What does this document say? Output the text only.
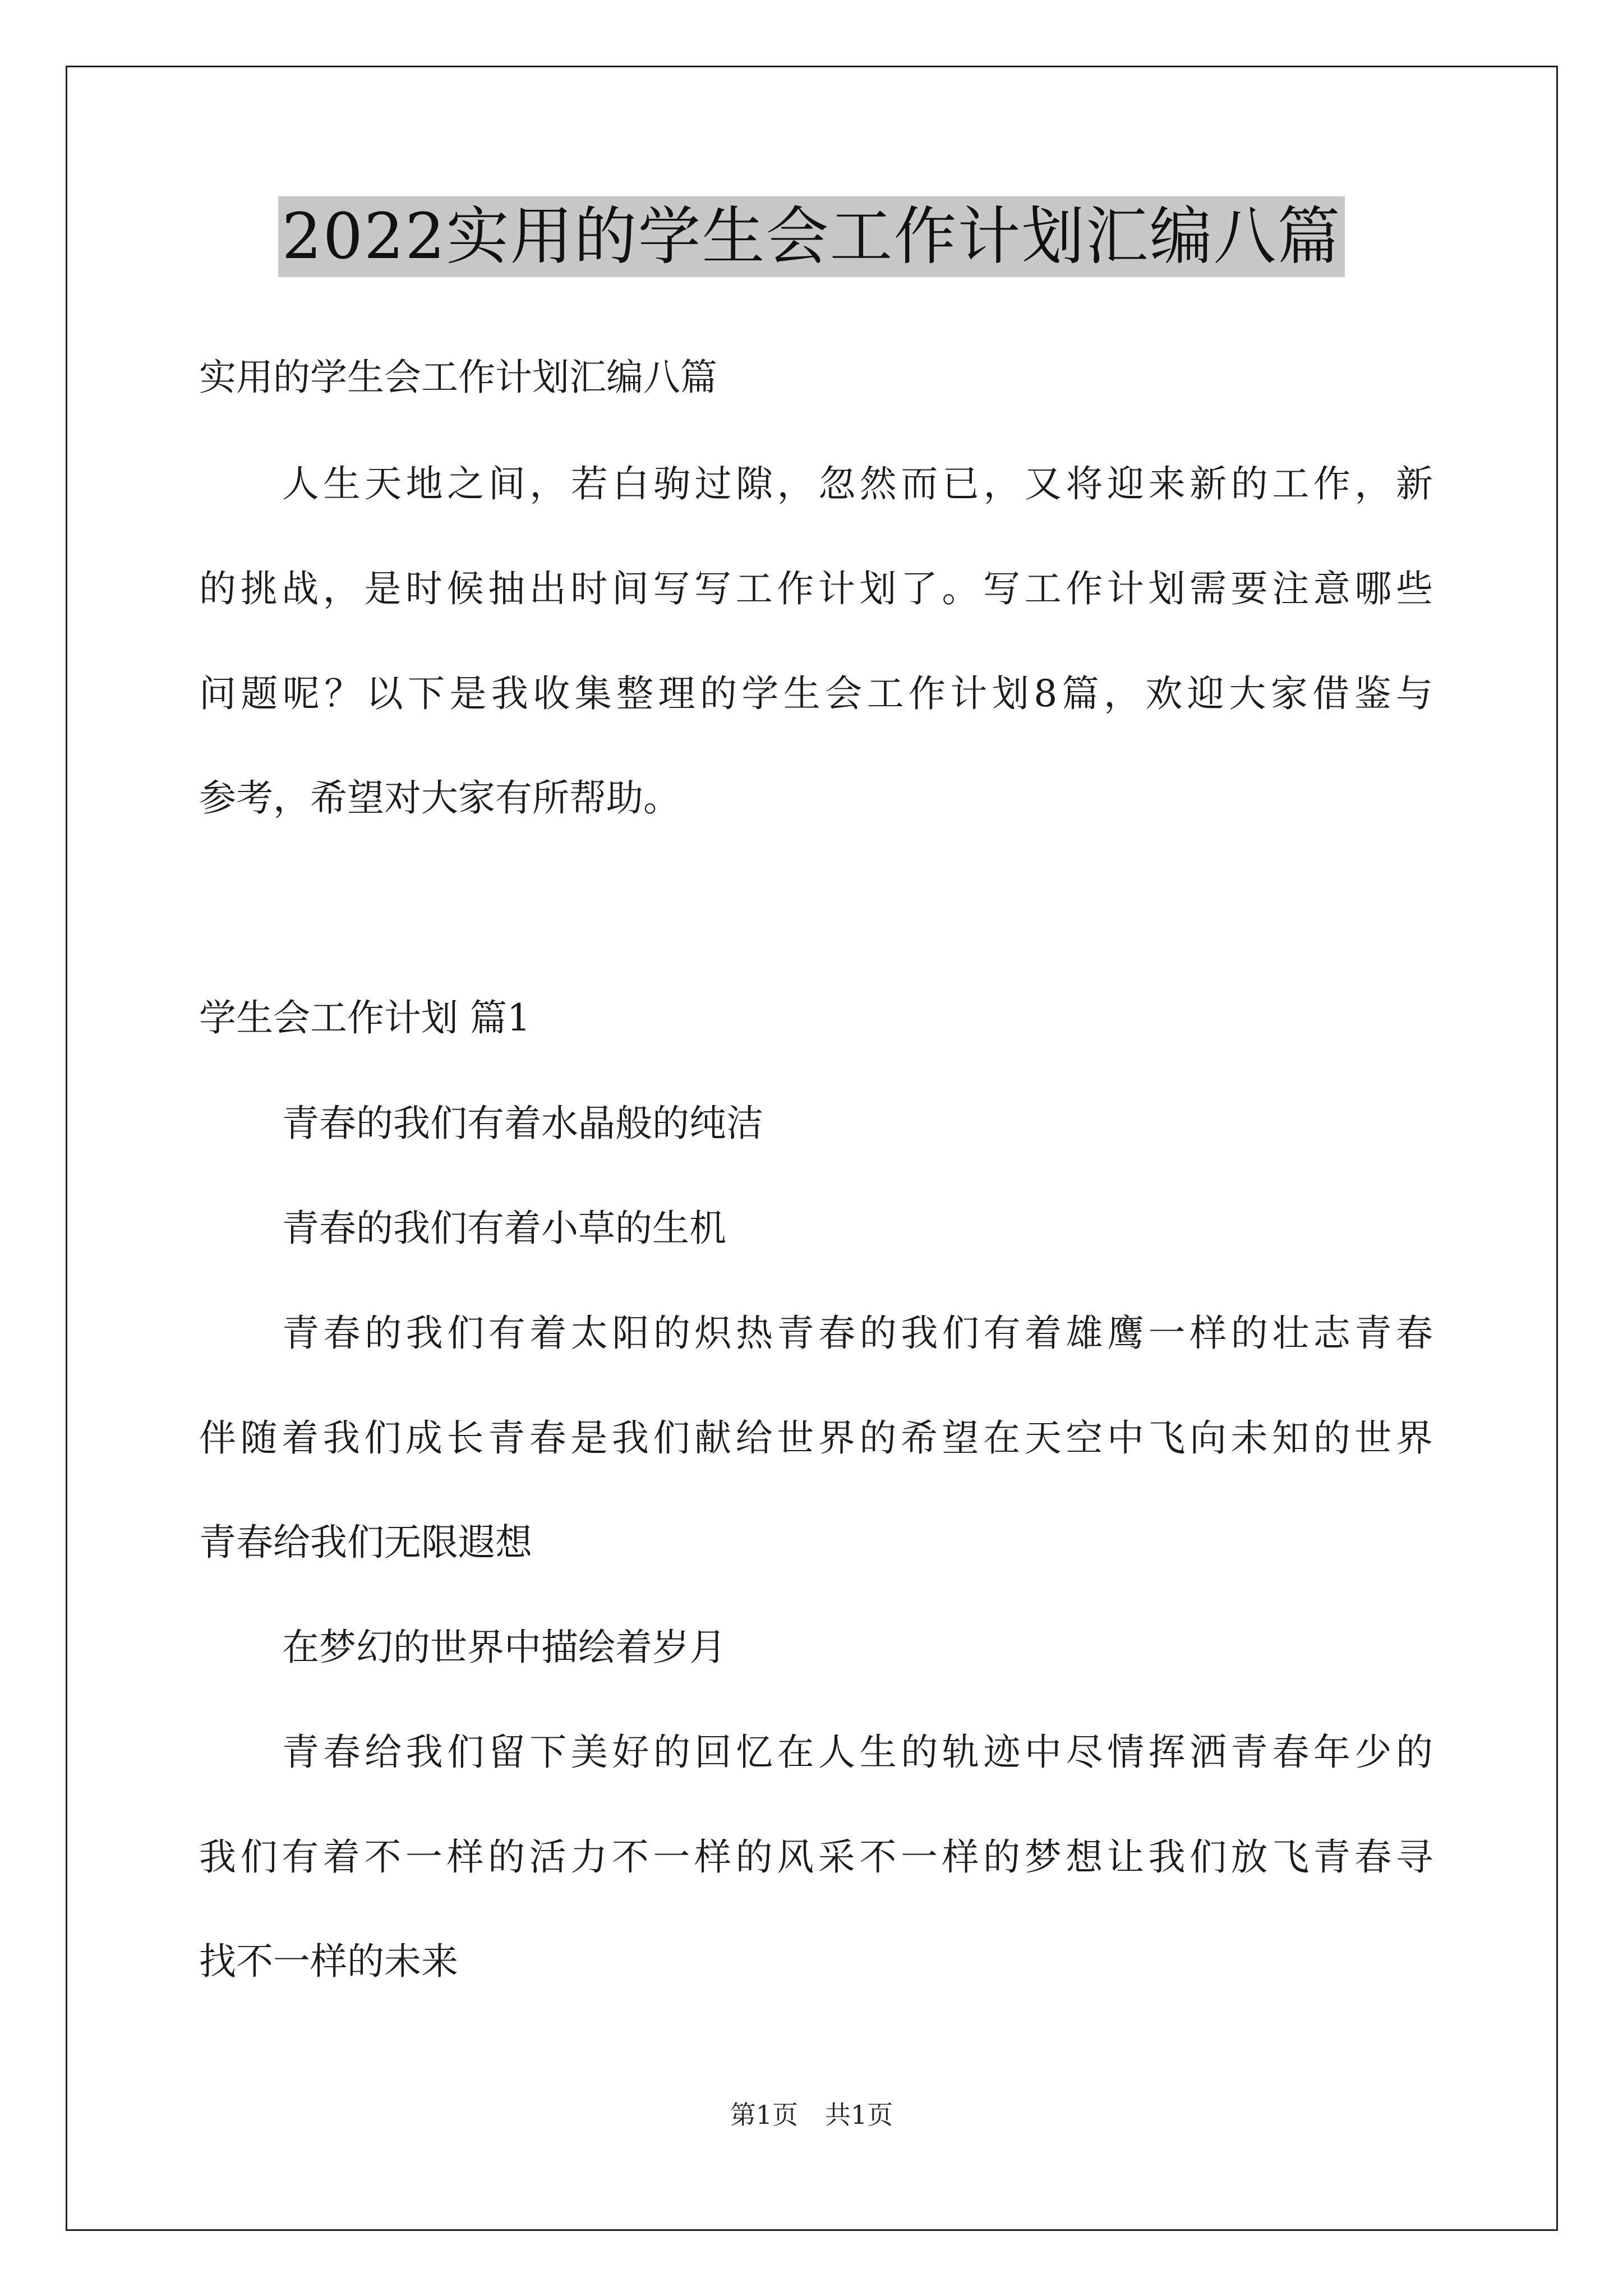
2022实用的学生会工作计划汇编八篇
实用的学生会工作计划汇编八篇
人生天地之间，若白驹过隙，忽然而已，又将迎来新的工作，新
的挑战，是时候抽出时间写写工作计划了。写工作计划需要注意哪些
问题呢？以下是我收集整理的学生会工作计划8篇，欢迎大家借鉴与
参考，希望对大家有所帮助。
学生会工作计划 篇1
青春的我们有着水晶般的纯洁
青春的我们有着小草的生机
青春的我们有着太阳的炽热青春的我们有着雄鹰一样的壮志青春
伴随着我们成长青春是我们献给世界的希望在天空中飞向未知的世界
青春给我们无限遐想
在梦幻的世界中描绘着岁月
青春给我们留下美好的回忆在人生的轨迹中尽情挥洒青春年少的
我们有着不一样的活力不一样的风采不一样的梦想让我们放飞青春寻
找不一样的未来
第1页 共1页
